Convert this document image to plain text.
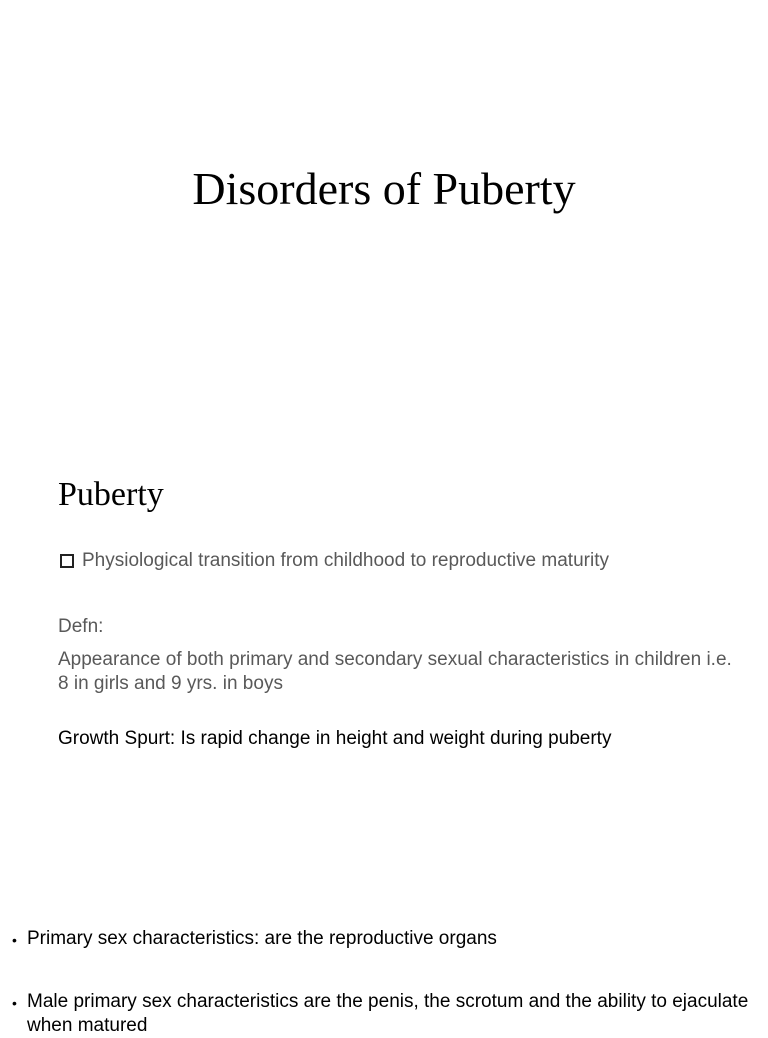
Disorders of Puberty
Puberty
Physiological transition from childhood to reproductive maturity
Defn:
Appearance of both primary and secondary sexual characteristics in children i.e. 8 in girls and 9 yrs. in boys
Growth Spurt: Is rapid change in height and weight during puberty
• Primary sex characteristics: are the reproductive organs
• Male primary sex characteristics are the penis, the scrotum and the ability to ejaculate when matured
